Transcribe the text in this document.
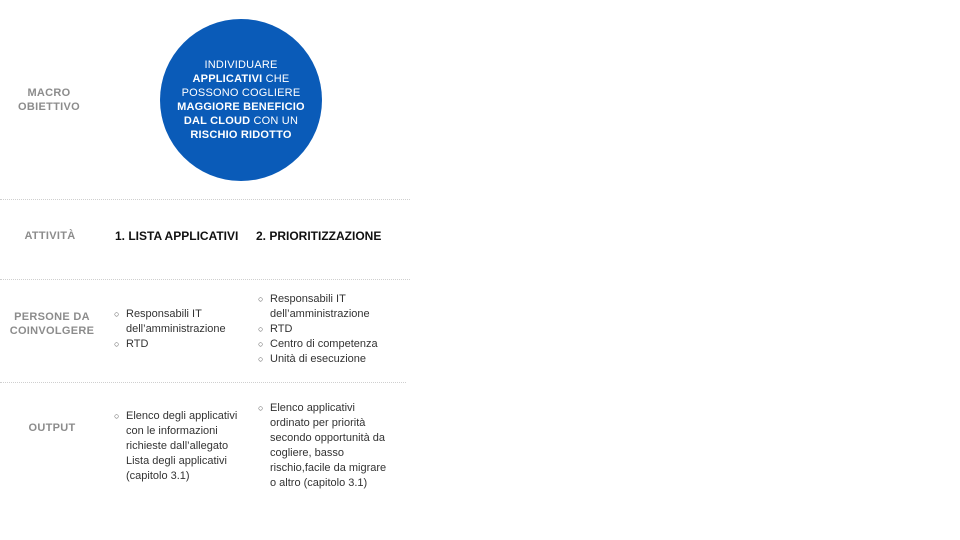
MACRO OBIETTIVO
ATTIVITÀ
PERSONE DA COINVOLGERE
OUTPUT
INDIVIDUARE APPLICATIVI CHE POSSONO COGLIERE MAGGIORE BENEFICIO DAL CLOUD CON UN RISCHIO RIDOTTO
1. LISTA APPLICATIVI 2. PRIORITIZZAZIONE
○ Responsabili IT dell’amministrazione
○ RTD
○ Responsabili IT dell’amministrazione
○ RTD
○ Centro di competenza
○ Unità di esecuzione
○ Elenco degli applicativi con le informazioni richieste dall’allegato Lista degli applicativi (capitolo 3.1)
○ Elenco applicativi ordinato per priorità secondo opportunità da cogliere, basso rischio,facile da migrare o altro (capitolo 3.1)
